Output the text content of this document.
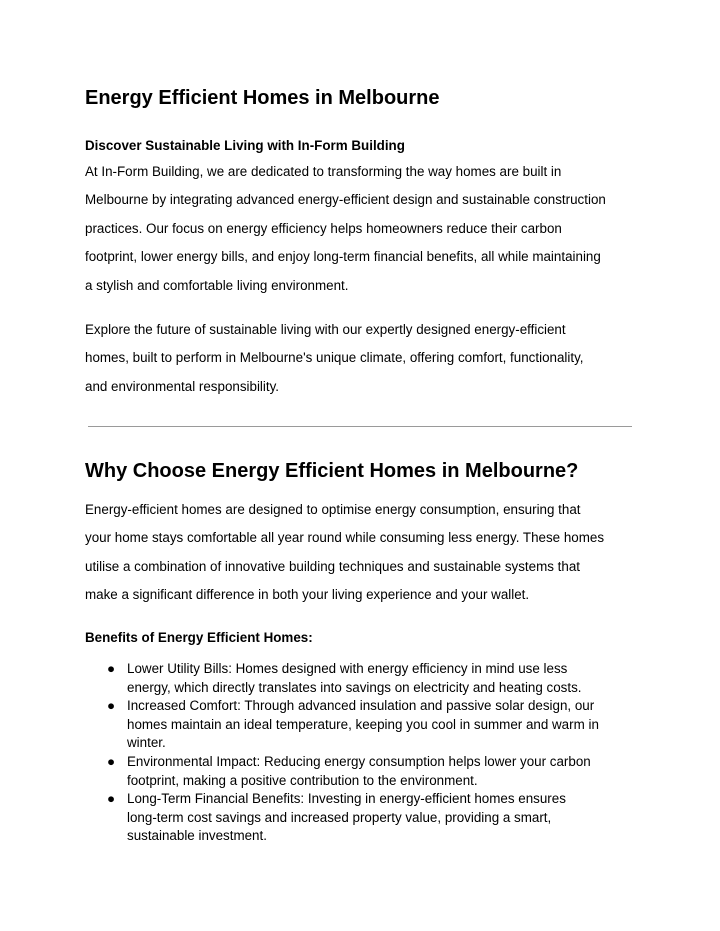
Energy Efficient Homes in Melbourne
Discover Sustainable Living with In-Form Building
At In-Form Building, we are dedicated to transforming the way homes are built in
Melbourne by integrating advanced energy-efficient design and sustainable construction
practices. Our focus on energy efficiency helps homeowners reduce their carbon
footprint, lower energy bills, and enjoy long-term financial benefits, all while maintaining
a stylish and comfortable living environment.
Explore the future of sustainable living with our expertly designed energy-efficient
homes, built to perform in Melbourne's unique climate, offering comfort, functionality,
and environmental responsibility.
Why Choose Energy Efficient Homes in Melbourne?
Energy-efficient homes are designed to optimise energy consumption, ensuring that
your home stays comfortable all year round while consuming less energy. These homes
utilise a combination of innovative building techniques and sustainable systems that
make a significant difference in both your living experience and your wallet.
Benefits of Energy Efficient Homes:
● Lower Utility Bills: Homes designed with energy efficiency in mind use less
energy, which directly translates into savings on electricity and heating costs.
● Increased Comfort: Through advanced insulation and passive solar design, our
homes maintain an ideal temperature, keeping you cool in summer and warm in
winter.
● Environmental Impact: Reducing energy consumption helps lower your carbon
footprint, making a positive contribution to the environment.
● Long-Term Financial Benefits: Investing in energy-efficient homes ensures
long-term cost savings and increased property value, providing a smart,
sustainable investment.
